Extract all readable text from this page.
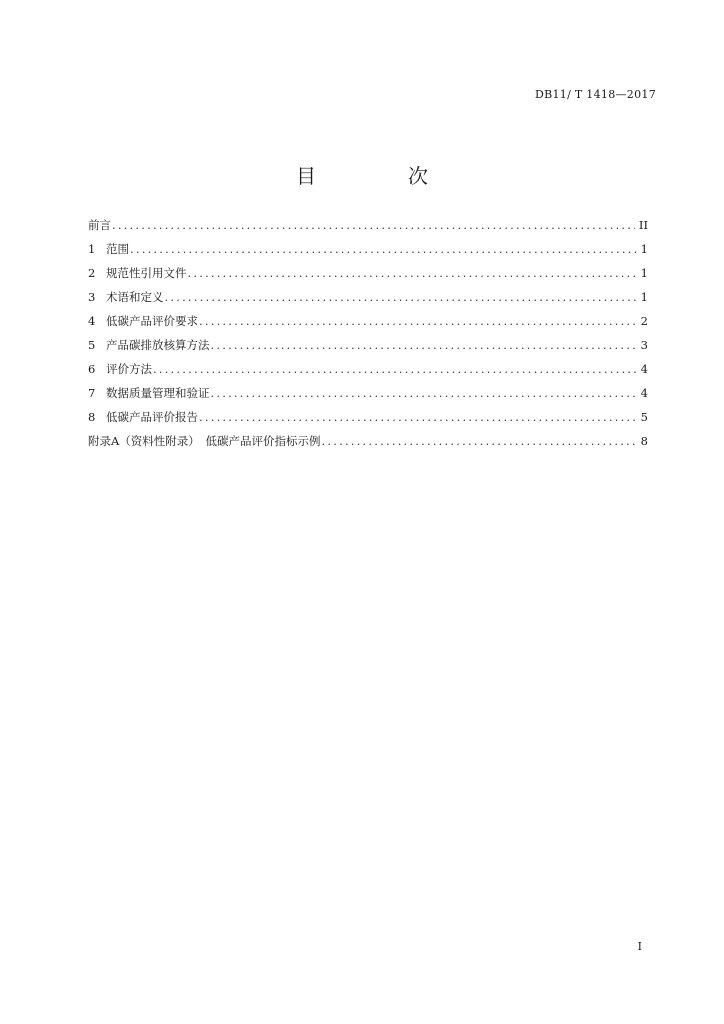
DB11/ T 1418—2017
目　次
前言 .....	II
1 范围 .....	1
2 规范性引用文件 .....	1
3 术语和定义 .....	1
4 低碳产品评价要求 .....	2
5 产品碳排放核算方法 .....	3
6 评价方法 .....	4
7 数据质量管理和验证 .....	4
8 低碳产品评价报告 .....	5
附录A（资料性附录）　低碳产品评价指标示例 .....	8
I
